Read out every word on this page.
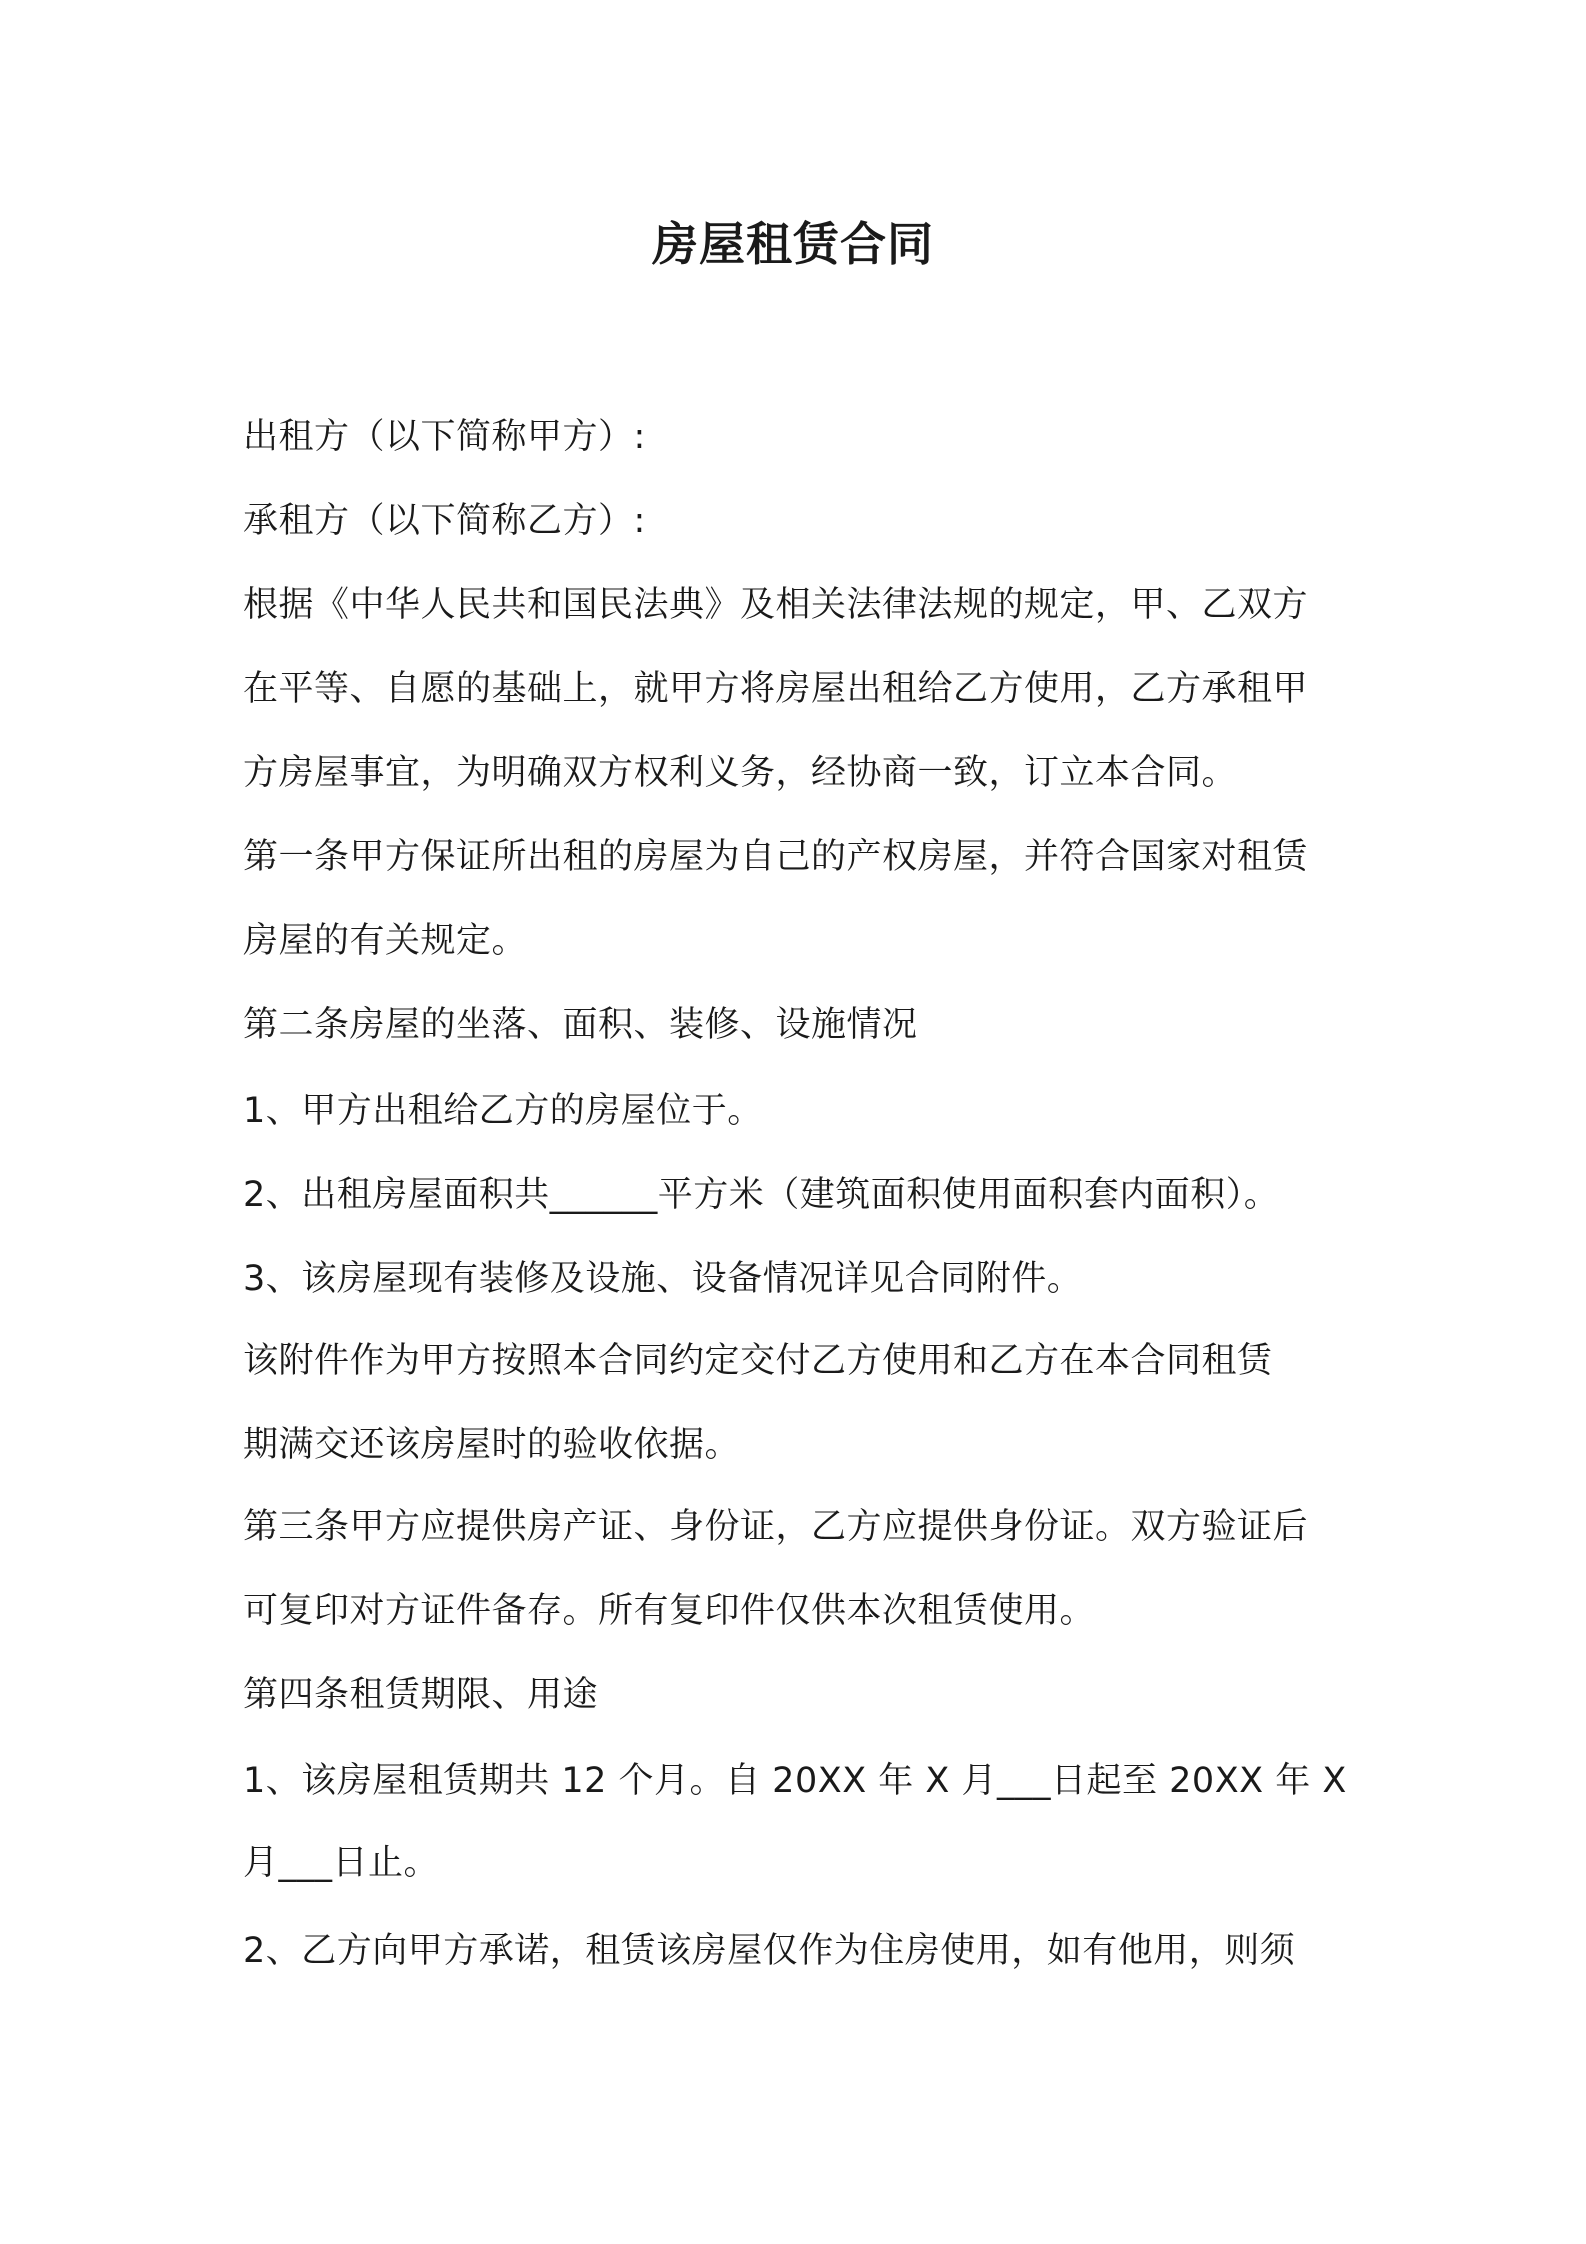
房屋租赁合同
出租方（以下简称甲方）:
承租方（以下简称乙方）:
根据《中华人民共和国民法典》及相关法律法规的规定，甲、乙双方
在平等、自愿的基础上，就甲方将房屋出租给乙方使用，乙方承租甲
方房屋事宜，为明确双方权利义务，经协商一致，订立本合同。
第一条甲方保证所出租的房屋为自己的产权房屋，并符合国家对租赁
房屋的有关规定。
第二条房屋的坐落、面积、装修、设施情况
1、甲方出租给乙方的房屋位于。
2、出租房屋面积共______平方米（建筑面积使用面积套内面积）。
3、该房屋现有装修及设施、设备情况详见合同附件。
该附件作为甲方按照本合同约定交付乙方使用和乙方在本合同租赁
期满交还该房屋时的验收依据。
第三条甲方应提供房产证、身份证，乙方应提供身份证。双方验证后
可复印对方证件备存。所有复印件仅供本次租赁使用。
第四条租赁期限、用途
1、该房屋租赁期共 12 个月。自 20XX 年 X 月___日起至 20XX 年 X
月___日止。
2、乙方向甲方承诺，租赁该房屋仅作为住房使用，如有他用，则须
